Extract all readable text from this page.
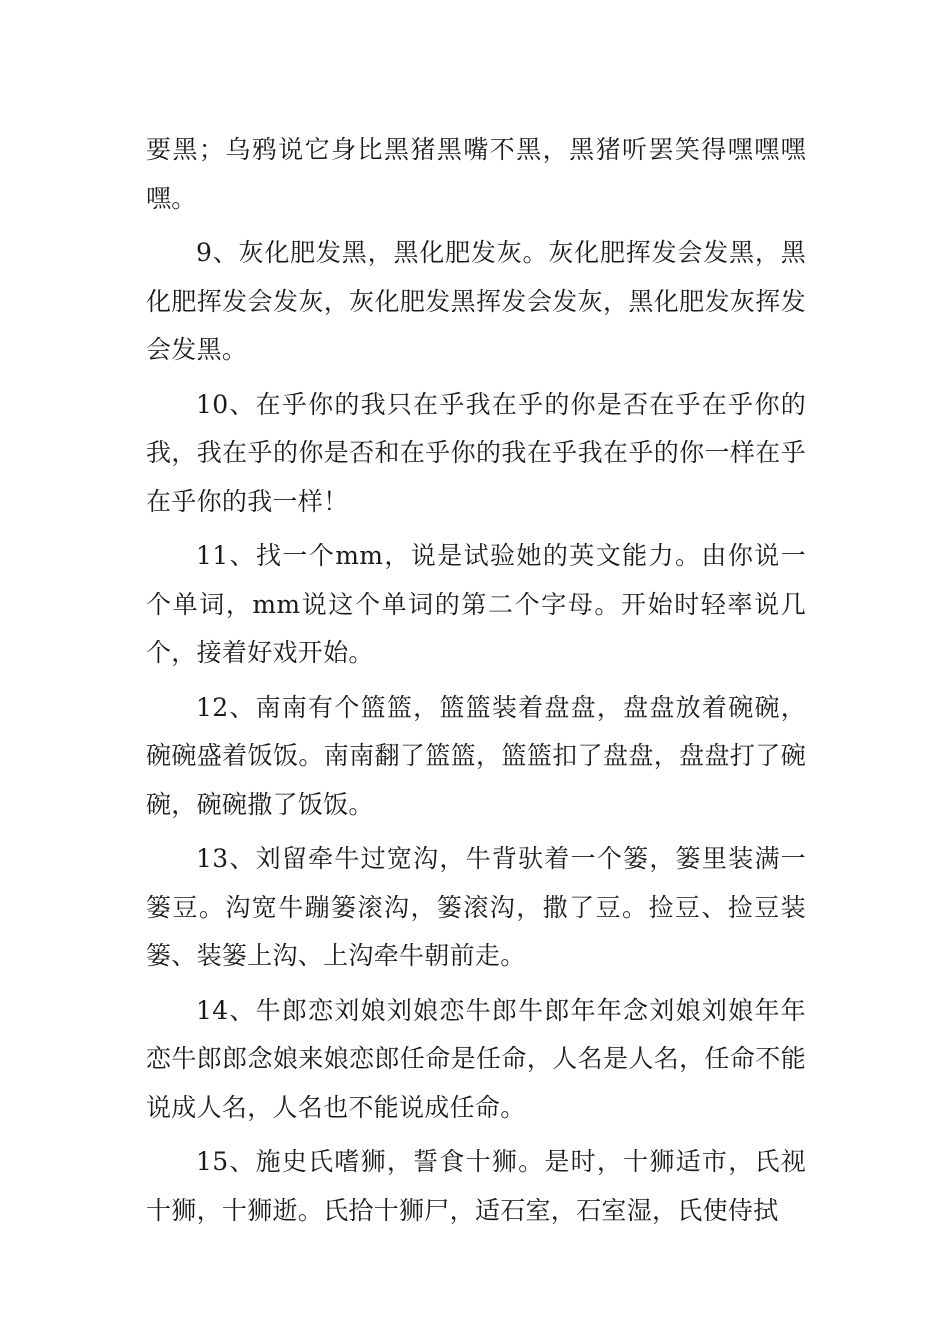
要黑；乌鸦说它身比黑猪黑嘴不黑，黑猪听罢笑得嘿嘿嘿嘿。

9、灰化肥发黑，黑化肥发灰。灰化肥挥发会发黑，黑化肥挥发会发灰，灰化肥发黑挥发会发灰，黑化肥发灰挥发会发黑。

10、在乎你的我只在乎我在乎的你是否在乎在乎你的我，我在乎的你是否和在乎你的我在乎我在乎的你一样在乎在乎你的我一样！

11、找一个mm，说是试验她的英文能力。由你说一个单词，mm说这个单词的第二个字母。开始时轻率说几个，接着好戏开始。

12、南南有个篮篮，篮篮装着盘盘，盘盘放着碗碗，碗碗盛着饭饭。南南翻了篮篮，篮篮扣了盘盘，盘盘打了碗碗，碗碗撒了饭饭。

13、刘留牵牛过宽沟，牛背驮着一个篓，篓里装满一篓豆。沟宽牛蹦篓滚沟，篓滚沟，撒了豆。捡豆、捡豆装篓、装篓上沟、上沟牵牛朝前走。

14、牛郎恋刘娘刘娘恋牛郎牛郎年年念刘娘刘娘年年恋牛郎郎念娘来娘恋郎任命是任命，人名是人名，任命不能说成人名，人名也不能说成任命。

15、施史氏嗜狮，誓食十狮。是时，十狮适市，氏视十狮，十狮逝。氏拾十狮尸，适石室，石室湿，氏使侍拭
